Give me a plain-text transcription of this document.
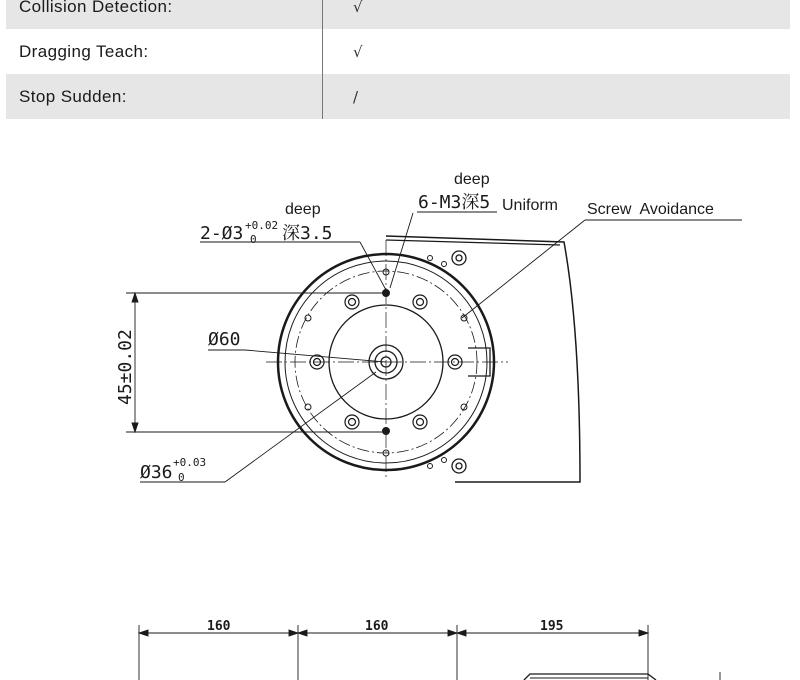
Collision Detection:	√
Dragging Teach:	√
Stop Sudden:	/
deep
2-Ø3 +0.02
0 深3.5
deep
6-M3深5 Uniform Screw  Avoidance
Ø60
45±0.02
Ø36 +0.03
0
160	160	195
